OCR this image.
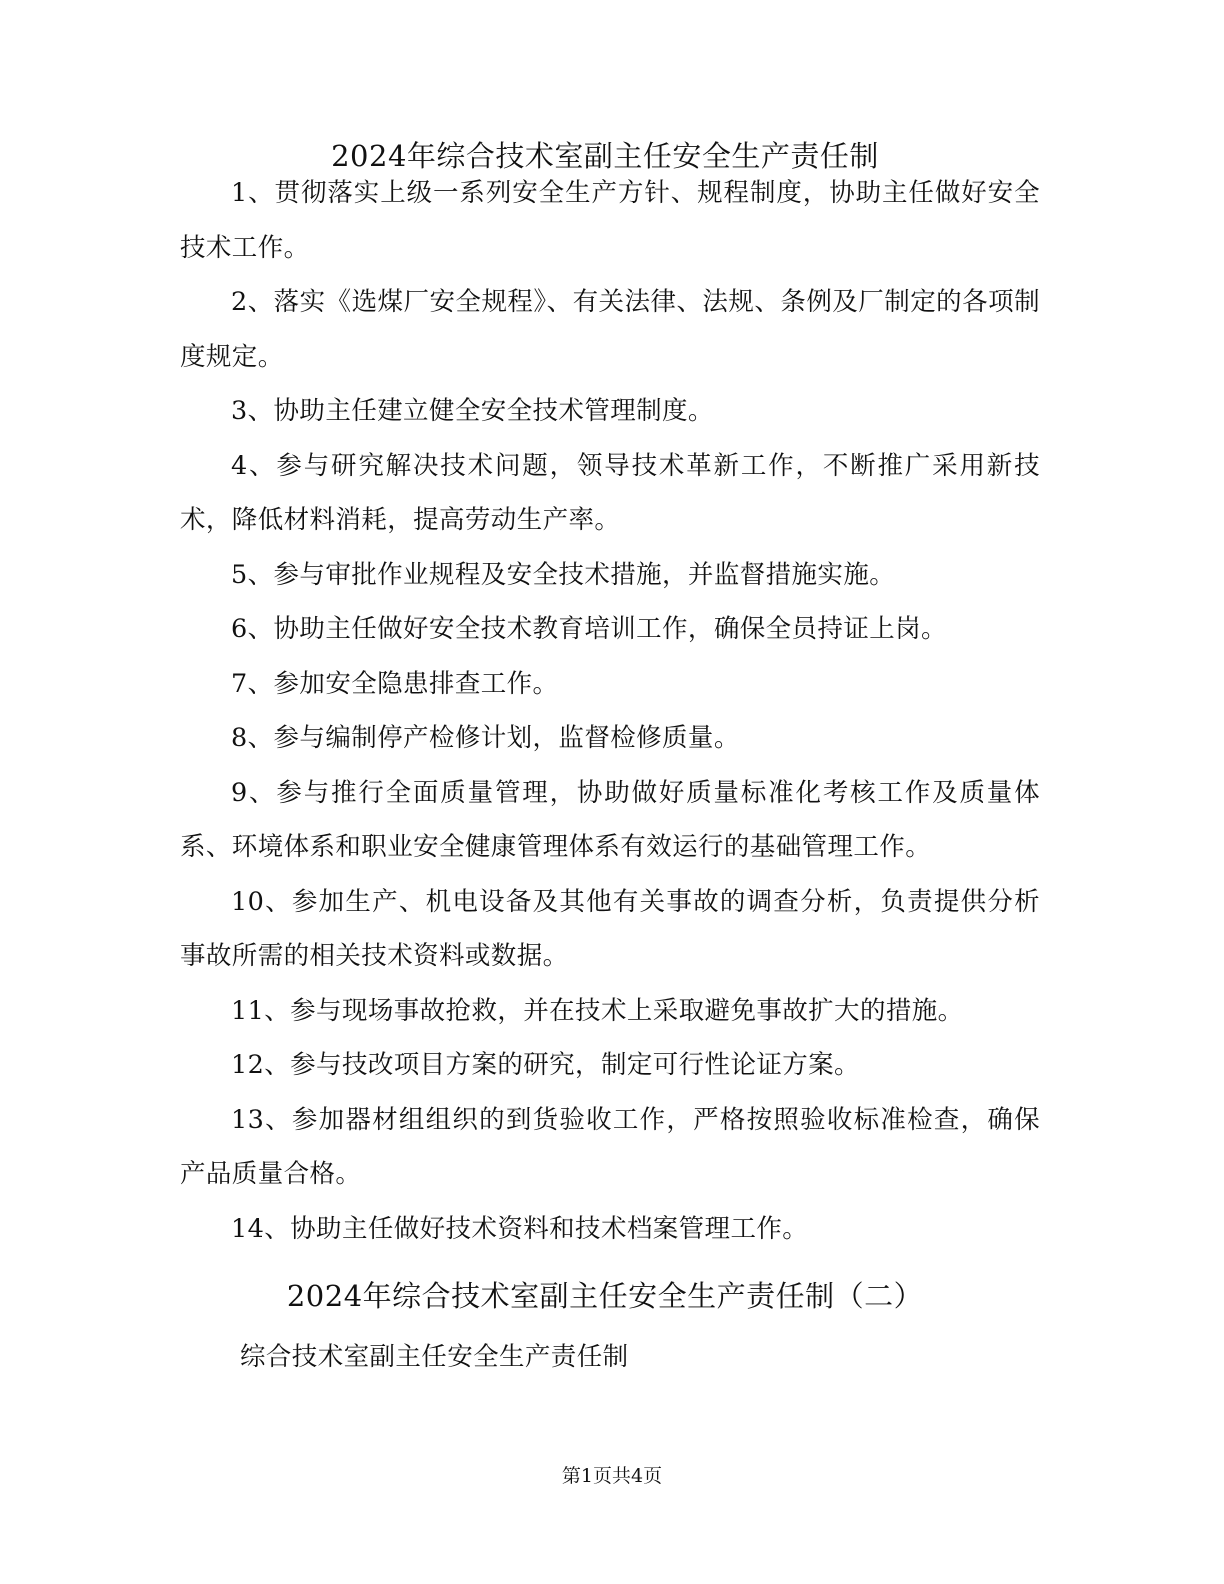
2024年综合技术室副主任安全生产责任制

1、贯彻落实上级一系列安全生产方针、规程制度，协助主任做好安全技术工作。

2、落实《选煤厂安全规程》、有关法律、法规、条例及厂制定的各项制度规定。

3、协助主任建立健全安全技术管理制度。

4、参与研究解决技术问题，领导技术革新工作，不断推广采用新技术，降低材料消耗，提高劳动生产率。

5、参与审批作业规程及安全技术措施，并监督措施实施。

6、协助主任做好安全技术教育培训工作，确保全员持证上岗。

7、参加安全隐患排查工作。

8、参与编制停产检修计划，监督检修质量。

9、参与推行全面质量管理，协助做好质量标准化考核工作及质量体系、环境体系和职业安全健康管理体系有效运行的基础管理工作。

10、参加生产、机电设备及其他有关事故的调查分析，负责提供分析事故所需的相关技术资料或数据。

11、参与现场事故抢救，并在技术上采取避免事故扩大的措施。

12、参与技改项目方案的研究，制定可行性论证方案。

13、参加器材组组织的到货验收工作，严格按照验收标准检查，确保产品质量合格。

14、协助主任做好技术资料和技术档案管理工作。

2024年综合技术室副主任安全生产责任制（二）
综合技术室副主任安全生产责任制
第1页共4页
